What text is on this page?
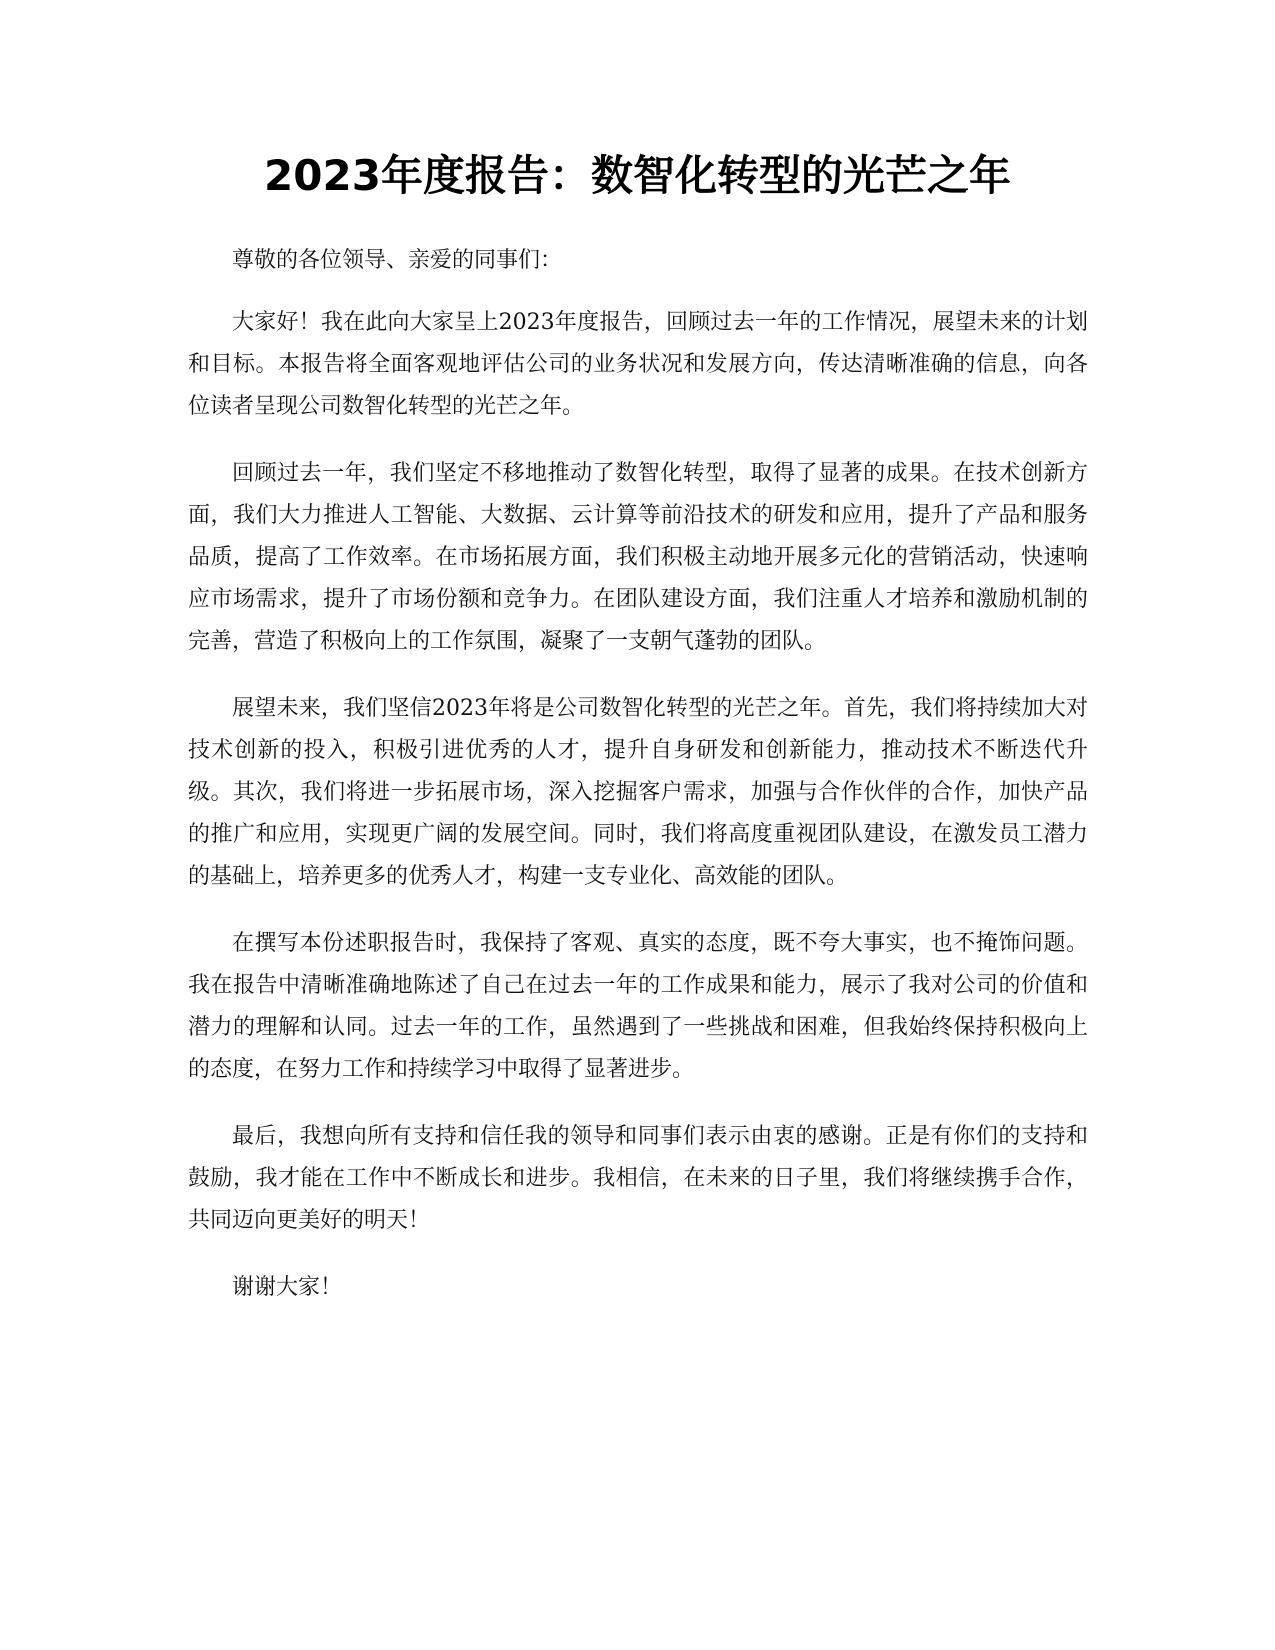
2023年度报告：数智化转型的光芒之年

尊敬的各位领导、亲爱的同事们：

大家好！我在此向大家呈上2023年度报告，回顾过去一年的工作情况，展望未来的计划和目标。本报告将全面客观地评估公司的业务状况和发展方向，传达清晰准确的信息，向各位读者呈现公司数智化转型的光芒之年。

回顾过去一年，我们坚定不移地推动了数智化转型，取得了显著的成果。在技术创新方面，我们大力推进人工智能、大数据、云计算等前沿技术的研发和应用，提升了产品和服务品质，提高了工作效率。在市场拓展方面，我们积极主动地开展多元化的营销活动，快速响应市场需求，提升了市场份额和竞争力。在团队建设方面，我们注重人才培养和激励机制的完善，营造了积极向上的工作氛围，凝聚了一支朝气蓬勃的团队。

展望未来，我们坚信2023年将是公司数智化转型的光芒之年。首先，我们将持续加大对技术创新的投入，积极引进优秀的人才，提升自身研发和创新能力，推动技术不断迭代升级。其次，我们将进一步拓展市场，深入挖掘客户需求，加强与合作伙伴的合作，加快产品的推广和应用，实现更广阔的发展空间。同时，我们将高度重视团队建设，在激发员工潜力的基础上，培养更多的优秀人才，构建一支专业化、高效能的团队。

在撰写本份述职报告时，我保持了客观、真实的态度，既不夸大事实，也不掩饰问题。我在报告中清晰准确地陈述了自己在过去一年的工作成果和能力，展示了我对公司的价值和潜力的理解和认同。过去一年的工作，虽然遇到了一些挑战和困难，但我始终保持积极向上的态度，在努力工作和持续学习中取得了显著进步。

最后，我想向所有支持和信任我的领导和同事们表示由衷的感谢。正是有你们的支持和鼓励，我才能在工作中不断成长和进步。我相信，在未来的日子里，我们将继续携手合作，共同迈向更美好的明天！

谢谢大家！
